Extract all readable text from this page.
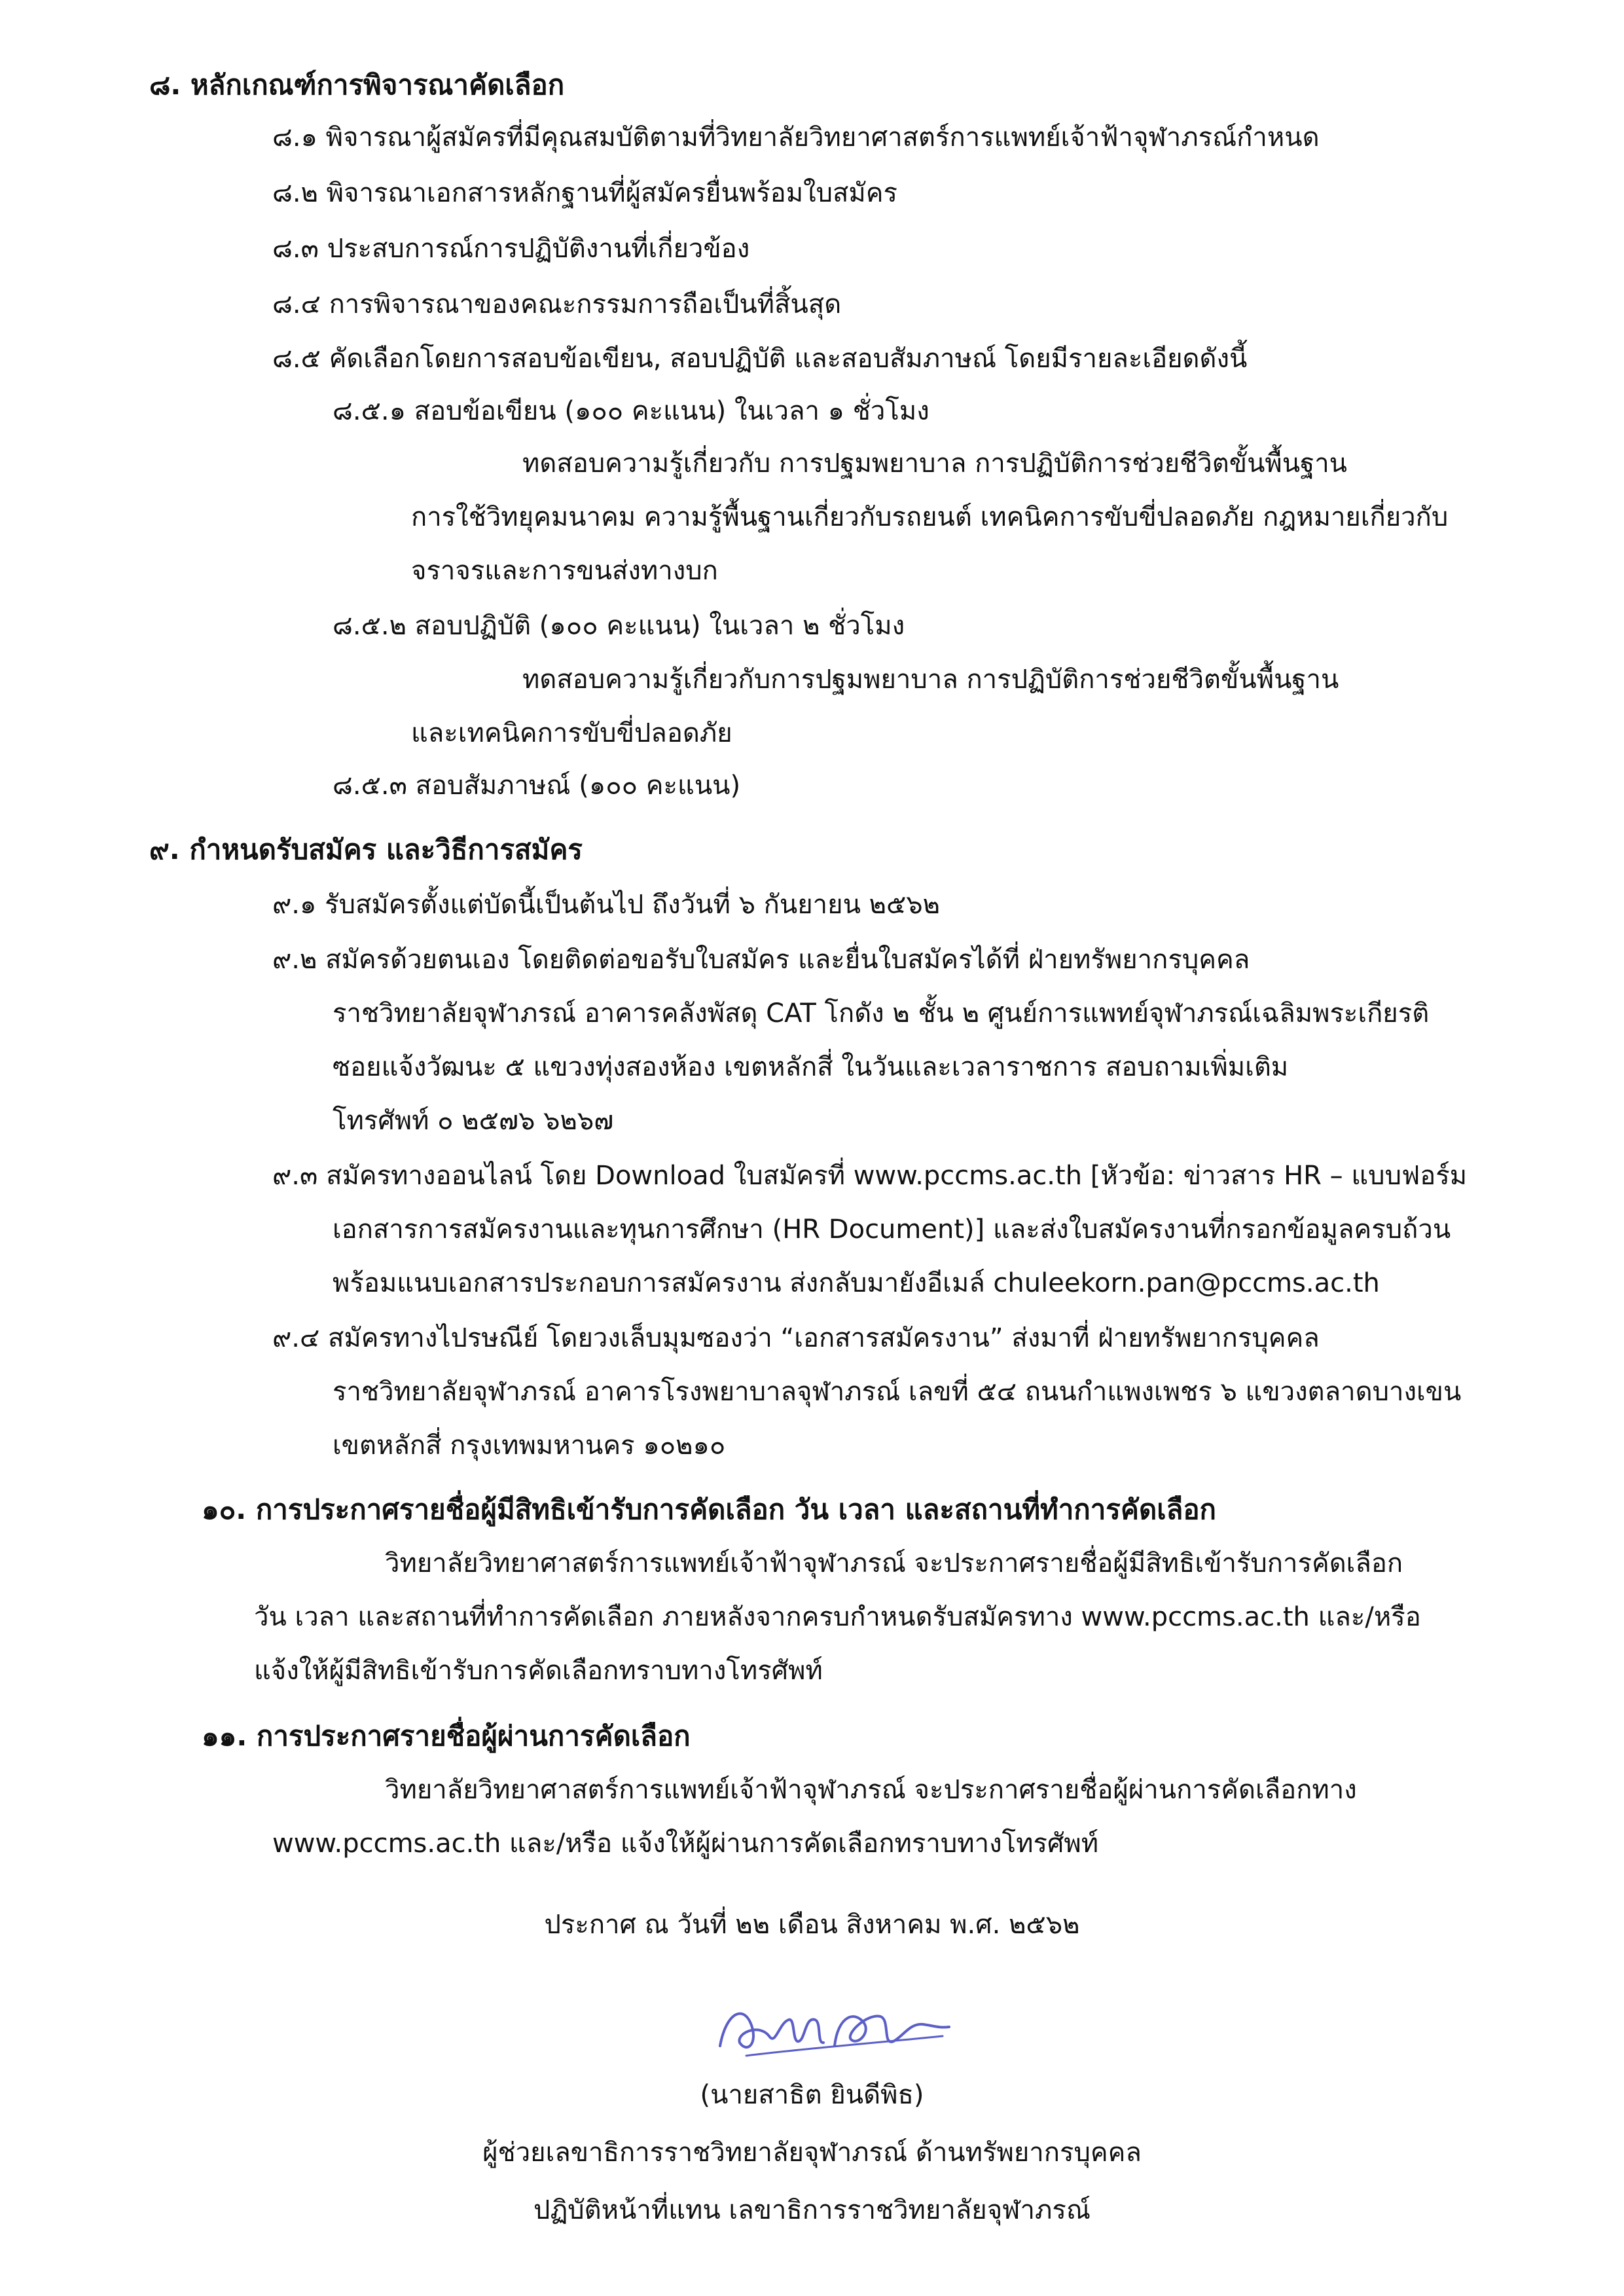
๘. หลักเกณฑ์การพิจารณาคัดเลือก
๘.๑ พิจารณาผู้สมัครที่มีคุณสมบัติตามที่วิทยาลัยวิทยาศาสตร์การแพทย์เจ้าฟ้าจุฬาภรณ์กำหนด
๘.๒ พิจารณาเอกสารหลักฐานที่ผู้สมัครยื่นพร้อมใบสมัคร
๘.๓ ประสบการณ์การปฏิบัติงานที่เกี่ยวข้อง
๘.๔ การพิจารณาของคณะกรรมการถือเป็นที่สิ้นสุด
๘.๕ คัดเลือกโดยการสอบข้อเขียน, สอบปฏิบัติ และสอบสัมภาษณ์ โดยมีรายละเอียดดังนี้
๘.๕.๑ สอบข้อเขียน (๑๐๐ คะแนน) ในเวลา ๑ ชั่วโมง
ทดสอบความรู้เกี่ยวกับ การปฐมพยาบาล การปฏิบัติการช่วยชีวิตขั้นพื้นฐาน
การใช้วิทยุคมนาคม ความรู้พื้นฐานเกี่ยวกับรถยนต์ เทคนิคการขับขี่ปลอดภัย กฎหมายเกี่ยวกับ
จราจรและการขนส่งทางบก
๘.๕.๒ สอบปฏิบัติ (๑๐๐ คะแนน) ในเวลา ๒ ชั่วโมง
ทดสอบความรู้เกี่ยวกับการปฐมพยาบาล การปฏิบัติการช่วยชีวิตขั้นพื้นฐาน
และเทคนิคการขับขี่ปลอดภัย
๘.๕.๓ สอบสัมภาษณ์ (๑๐๐ คะแนน)
๙. กำหนดรับสมัคร และวิธีการสมัคร
๙.๑ รับสมัครตั้งแต่บัดนี้เป็นต้นไป ถึงวันที่ ๖ กันยายน ๒๕๖๒
๙.๒ สมัครด้วยตนเอง โดยติดต่อขอรับใบสมัคร และยื่นใบสมัครได้ที่ ฝ่ายทรัพยากรบุคคล
ราชวิทยาลัยจุฬาภรณ์ อาคารคลังพัสดุ CAT โกดัง ๒ ชั้น ๒ ศูนย์การแพทย์จุฬาภรณ์เฉลิมพระเกียรติ
ซอยแจ้งวัฒนะ ๕ แขวงทุ่งสองห้อง เขตหลักสี่ ในวันและเวลาราชการ สอบถามเพิ่มเติม
โทรศัพท์ ๐ ๒๕๗๖ ๖๒๖๗
๙.๓ สมัครทางออนไลน์ โดย Download ใบสมัครที่ www.pccms.ac.th [หัวข้อ: ข่าวสาร HR – แบบฟอร์ม
เอกสารการสมัครงานและทุนการศึกษา (HR Document)] และส่งใบสมัครงานที่กรอกข้อมูลครบถ้วน
พร้อมแนบเอกสารประกอบการสมัครงาน ส่งกลับมายังอีเมล์ chuleekorn.pan@pccms.ac.th
๙.๔ สมัครทางไปรษณีย์ โดยวงเล็บมุมซองว่า “เอกสารสมัครงาน” ส่งมาที่ ฝ่ายทรัพยากรบุคคล
ราชวิทยาลัยจุฬาภรณ์ อาคารโรงพยาบาลจุฬาภรณ์ เลขที่ ๕๔ ถนนกำแพงเพชร ๖ แขวงตลาดบางเขน
เขตหลักสี่ กรุงเทพมหานคร ๑๐๒๑๐
๑๐. การประกาศรายชื่อผู้มีสิทธิเข้ารับการคัดเลือก วัน เวลา และสถานที่ทำการคัดเลือก
วิทยาลัยวิทยาศาสตร์การแพทย์เจ้าฟ้าจุฬาภรณ์ จะประกาศรายชื่อผู้มีสิทธิเข้ารับการคัดเลือก
วัน เวลา และสถานที่ทำการคัดเลือก ภายหลังจากครบกำหนดรับสมัครทาง www.pccms.ac.th และ/หรือ
แจ้งให้ผู้มีสิทธิเข้ารับการคัดเลือกทราบทางโทรศัพท์
๑๑. การประกาศรายชื่อผู้ผ่านการคัดเลือก
วิทยาลัยวิทยาศาสตร์การแพทย์เจ้าฟ้าจุฬาภรณ์ จะประกาศรายชื่อผู้ผ่านการคัดเลือกทาง
www.pccms.ac.th และ/หรือ แจ้งให้ผู้ผ่านการคัดเลือกทราบทางโทรศัพท์
ประกาศ ณ วันที่ ๒๒ เดือน สิงหาคม พ.ศ. ๒๕๖๒
(นายสาธิต ยินดีพิธ)
ผู้ช่วยเลขาธิการราชวิทยาลัยจุฬาภรณ์ ด้านทรัพยากรบุคคล
ปฏิบัติหน้าที่แทน เลขาธิการราชวิทยาลัยจุฬาภรณ์
